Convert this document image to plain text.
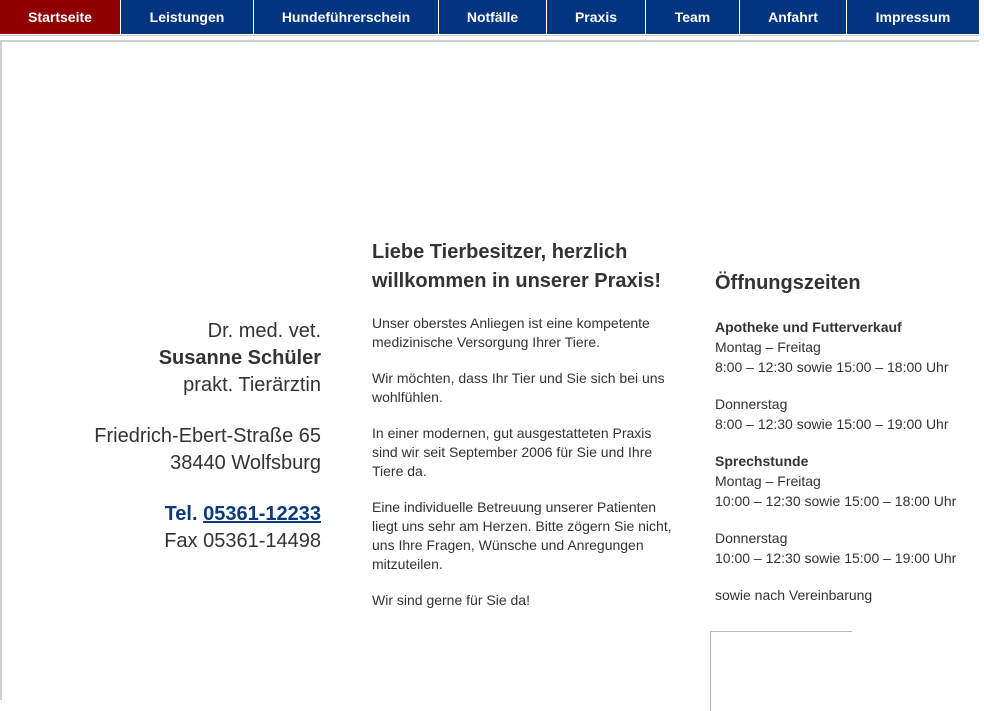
Startseite	Leistungen	Hundeführerschein	Notfälle	Praxis	Team	Anfahrt	Impressum
Dr. med. vet.
Susanne Schüler
prakt. Tierärztin
Friedrich-Ebert-Straße 65
38440 Wolfsburg
Tel. 05361-12233
Fax 05361-14498
Liebe Tierbesitzer, herzlich willkommen in unserer Praxis!

Unser oberstes Anliegen ist eine kompetente medizinische Versorgung Ihrer Tiere.

Wir möchten, dass Ihr Tier und Sie sich bei uns wohlfühlen.

In einer modernen, gut ausgestatteten Praxis sind wir seit September 2006 für Sie und Ihre Tiere da.

Eine individuelle Betreuung unserer Patienten liegt uns sehr am Herzen. Bitte zögern Sie nicht, uns Ihre Fragen, Wünsche und Anregungen mitzuteilen.

Wir sind gerne für Sie da!

Öffnungszeiten
Apotheke und Futterverkauf
Montag – Freitag
8:00 – 12:30 sowie 15:00 – 18:00 Uhr
Donnerstag
8:00 – 12:30 sowie 15:00 – 19:00 Uhr
Sprechstunde
Montag – Freitag
10:00 – 12:30 sowie 15:00 – 18:00 Uhr
Donnerstag
10:00 – 12:30 sowie 15:00 – 19:00 Uhr
sowie nach Vereinbarung
